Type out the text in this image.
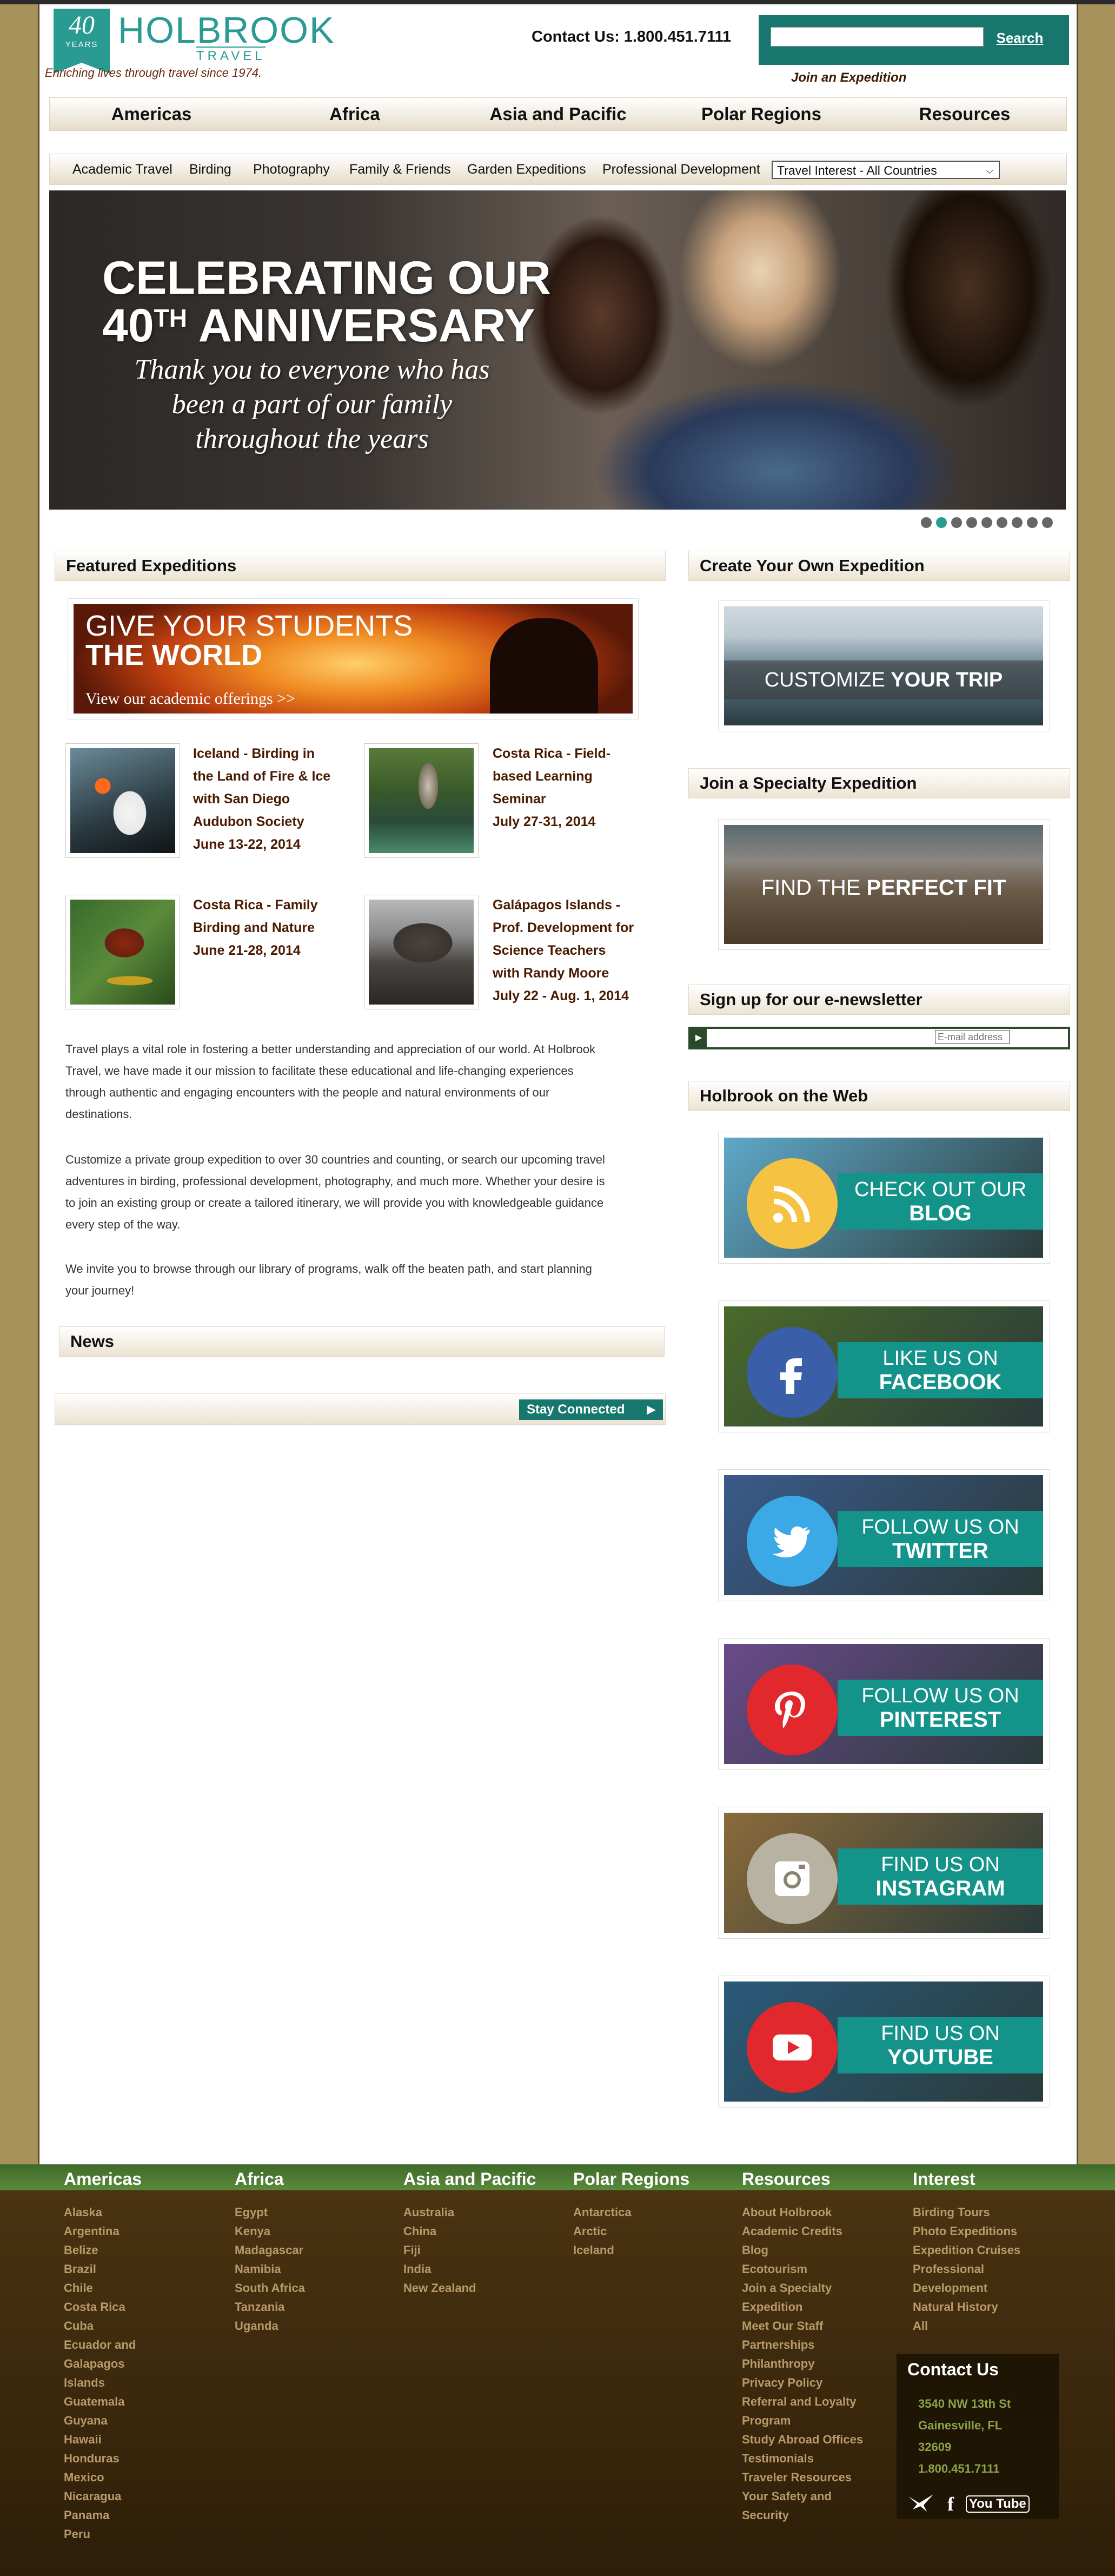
40
YEARS HOLBROOK
TRAVEL
Enriching lives through travel since 1974.
Contact Us: 1.800.451.7111	Search
Join an Expedition
Americas	Africa	Asia and Pacific	Polar Regions	Resources
Academic Travel Birding Photography Family & Friends Garden Expeditions Professional Development	Travel Interest - All Countries	⌵
CELEBRATING OUR
40TH ANNIVERSARY
Thank you to everyone who has
been a part of our family
throughout the years
Featured Expeditions
GIVE YOUR STUDENTS
THE WORLD
View our academic offerings >>
Iceland - Birding in
the Land of Fire & Ice
with San Diego
Audubon Society
June 13-22, 2014
Costa Rica - Field-
based Learning
Seminar
July 27-31, 2014
Costa Rica - Family
Birding and Nature
June 21-28, 2014
Galápagos Islands -
Prof. Development for
Science Teachers
with Randy Moore
July 22 - Aug. 1, 2014
Travel plays a vital role in fostering a better understanding and appreciation of our world. At Holbrook
Travel, we have made it our mission to facilitate these educational and life-changing experiences
through authentic and engaging encounters with the people and natural environments of our
destinations.
Customize a private group expedition to over 30 countries and counting, or search our upcoming travel
adventures in birding, professional development, photography, and much more. Whether your desire is
to join an existing group or create a tailored itinerary, we will provide you with knowledgeable guidance
every step of the way.
We invite you to browse through our library of programs, walk off the beaten path, and start planning
your journey!
News
Stay Connected ▶
Create Your Own Expedition
CUSTOMIZE YOUR TRIP
Join a Specialty Expedition
FIND THE PERFECT FIT
Sign up for our e-newsletter
▶
E-mail address
Holbrook on the Web
CHECK OUT OUR
BLOG
LIKE US ON
FACEBOOK
FOLLOW US ON
TWITTER
FOLLOW US ON
PINTEREST
FIND US ON
INSTAGRAM
FIND US ON
YOUTUBE
Americas
Alaska
Argentina
Belize
Brazil
Chile
Costa Rica
Cuba
Ecuador and
Galapagos
Islands
Guatemala
Guyana
Hawaii
Honduras
Mexico
Nicaragua
Panama
Peru
Africa
Egypt
Kenya
Madagascar
Namibia
South Africa
Tanzania
Uganda
Asia and Pacific
Australia
China
Fiji
India
New Zealand
Polar Regions
Antarctica
Arctic
Iceland
Resources
About Holbrook
Academic Credits
Blog
Ecotourism
Join a Specialty
Expedition
Meet Our Staff
Partnerships
Philanthropy
Privacy Policy
Referral and Loyalty
Program
Study Abroad Offices
Testimonials
Traveler Resources
Your Safety and
Security
Interest
Birding Tours
Photo Expeditions
Expedition Cruises
Professional
Development
Natural History
All
Contact Us
3540 NW 13th St
Gainesville, FL
32609
1.800.451.7111
f You Tube
